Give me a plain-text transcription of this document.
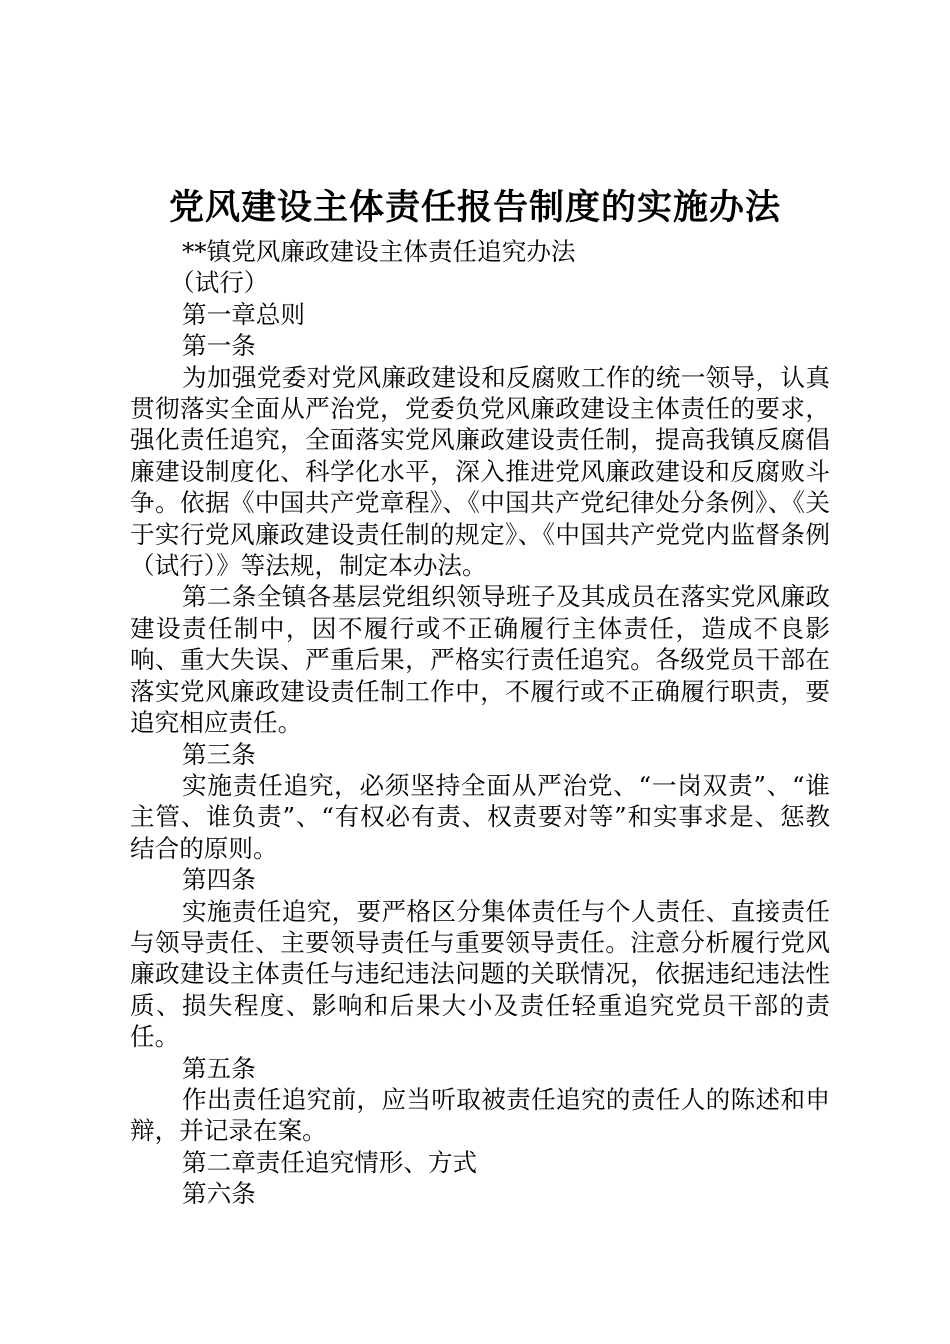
党风建设主体责任报告制度的实施办法

**镇党风廉政建设主体责任追究办法

（试行）

第一章总则

第一条

为加强党委对党风廉政建设和反腐败工作的统一领导，认真贯彻落实全面从严治党，党委负党风廉政建设主体责任的要求，强化责任追究，全面落实党风廉政建设责任制，提高我镇反腐倡廉建设制度化、科学化水平，深入推进党风廉政建设和反腐败斗争。依据《中国共产党章程》、《中国共产党纪律处分条例》、《关于实行党风廉政建设责任制的规定》、《中国共产党党内监督条例（试行）》等法规，制定本办法。

第二条全镇各基层党组织领导班子及其成员在落实党风廉政建设责任制中，因不履行或不正确履行主体责任，造成不良影响、重大失误、严重后果，严格实行责任追究。各级党员干部在落实党风廉政建设责任制工作中，不履行或不正确履行职责，要追究相应责任。

第三条

实施责任追究，必须坚持全面从严治党、“一岗双责”、“谁主管、谁负责”、“有权必有责、权责要对等”和实事求是、惩教结合的原则。

第四条

实施责任追究，要严格区分集体责任与个人责任、直接责任与领导责任、主要领导责任与重要领导责任。注意分析履行党风廉政建设主体责任与违纪违法问题的关联情况，依据违纪违法性质、损失程度、影响和后果大小及责任轻重追究党员干部的责任。

第五条

作出责任追究前，应当听取被责任追究的责任人的陈述和申辩，并记录在案。

第二章责任追究情形、方式

第六条
